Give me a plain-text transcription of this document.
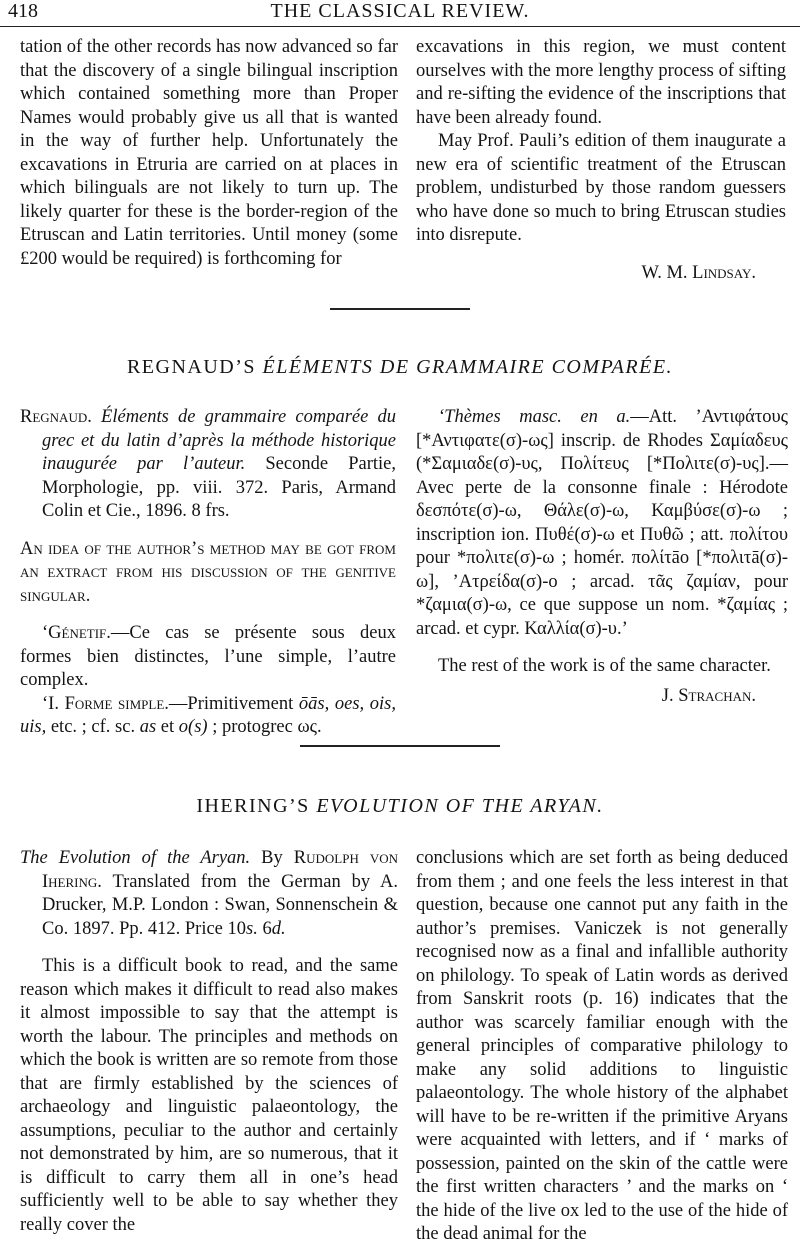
418	THE CLASSICAL REVIEW.

tation of the other records has now advanced so far that the discovery of a single bilingual inscription which contained something more than Proper Names would probably give us all that is wanted in the way of further help. Unfortunately the excavations in Etruria are carried on at places in which bilinguals are not likely to turn up. The likely quarter for these is the border-region of the Etruscan and Latin territories. Until money (some £200 would be required) is forthcoming for

excavations in this region, we must content ourselves with the more lengthy process of sifting and re-sifting the evidence of the inscriptions that have been already found.

May Prof. Pauli’s edition of them inaugurate a new era of scientific treatment of the Etruscan problem, undisturbed by those random guessers who have done so much to bring Etruscan studies into disrepute.

W. M. Lindsay.

REGNAUD’S ÉLÉMENTS DE GRAMMAIRE COMPARÉE.

Regnaud. Éléments de grammaire comparée du grec et du latin d’après la méthode historique inaugurée par l’auteur. Seconde Partie, Morphologie, pp. viii. 372. Paris, Armand Colin et Cie., 1896. 8 frs.

An idea of the author’s method may be got from an extract from his discussion of the genitive singular.

‘Génetif.—Ce cas se présente sous deux formes bien distinctes, l’une simple, l’autre complex.

‘I. Forme simple.—Primitivement ōās, oes, ois, uis, etc. ; cf. sc. as et o(s) ; protogrec ως.

‘Thèmes masc. en a.—Att. ’Αντιφάτους [*Αντιφατε(σ)-ως] inscrip. de Rhodes Σαμίαδευς (*Σαμιαδε(σ)-υς, Πολίτευς [*Πολιτε(σ)-υς].—Avec perte de la consonne finale : Hérodote δεσπότε(σ)-ω, Θάλε(σ)-ω, Καμβύσε(σ)-ω ; inscription ion. Πυθέ(σ)-ω et Πυθῶ ; att. πολίτου pour *πολιτε(σ)-ω ; homér. πολίτāο [*πολιτā(σ)-ω], ’Ατρείδα(σ)-ο ; arcad. τᾶς ζαμίαν, pour *ζαμια(σ)-ω, ce que suppose un nom. *ζαμίας ; arcad. et cypr. Καλλία(σ)-υ.’

The rest of the work is of the same character.

J. Strachan.

IHERING’S EVOLUTION OF THE ARYAN.

The Evolution of the Aryan. By Rudolph von Ihering. Translated from the German by A. Drucker, M.P. London : Swan, Sonnenschein & Co. 1897. Pp. 412. Price 10s. 6d.

This is a difficult book to read, and the same reason which makes it difficult to read also makes it almost impossible to say that the attempt is worth the labour. The principles and methods on which the book is written are so remote from those that are firmly established by the sciences of archaeology and linguistic palaeontology, the assumptions, peculiar to the author and certainly not demonstrated by him, are so numerous, that it is difficult to carry them all in one’s head sufficiently well to be able to say whether they really cover the

conclusions which are set forth as being deduced from them ; and one feels the less interest in that question, because one cannot put any faith in the author’s premises. Vaniczek is not generally recognised now as a final and infallible authority on philology. To speak of Latin words as derived from Sanskrit roots (p. 16) indicates that the author was scarcely familiar enough with the general principles of comparative philology to make any solid additions to linguistic palaeontology. The whole history of the alphabet will have to be re-written if the primitive Aryans were acquainted with letters, and if ‘ marks of possession, painted on the skin of the cattle were the first written characters ’ and the marks on ‘ the hide of the live ox led to the use of the hide of the dead animal for the
